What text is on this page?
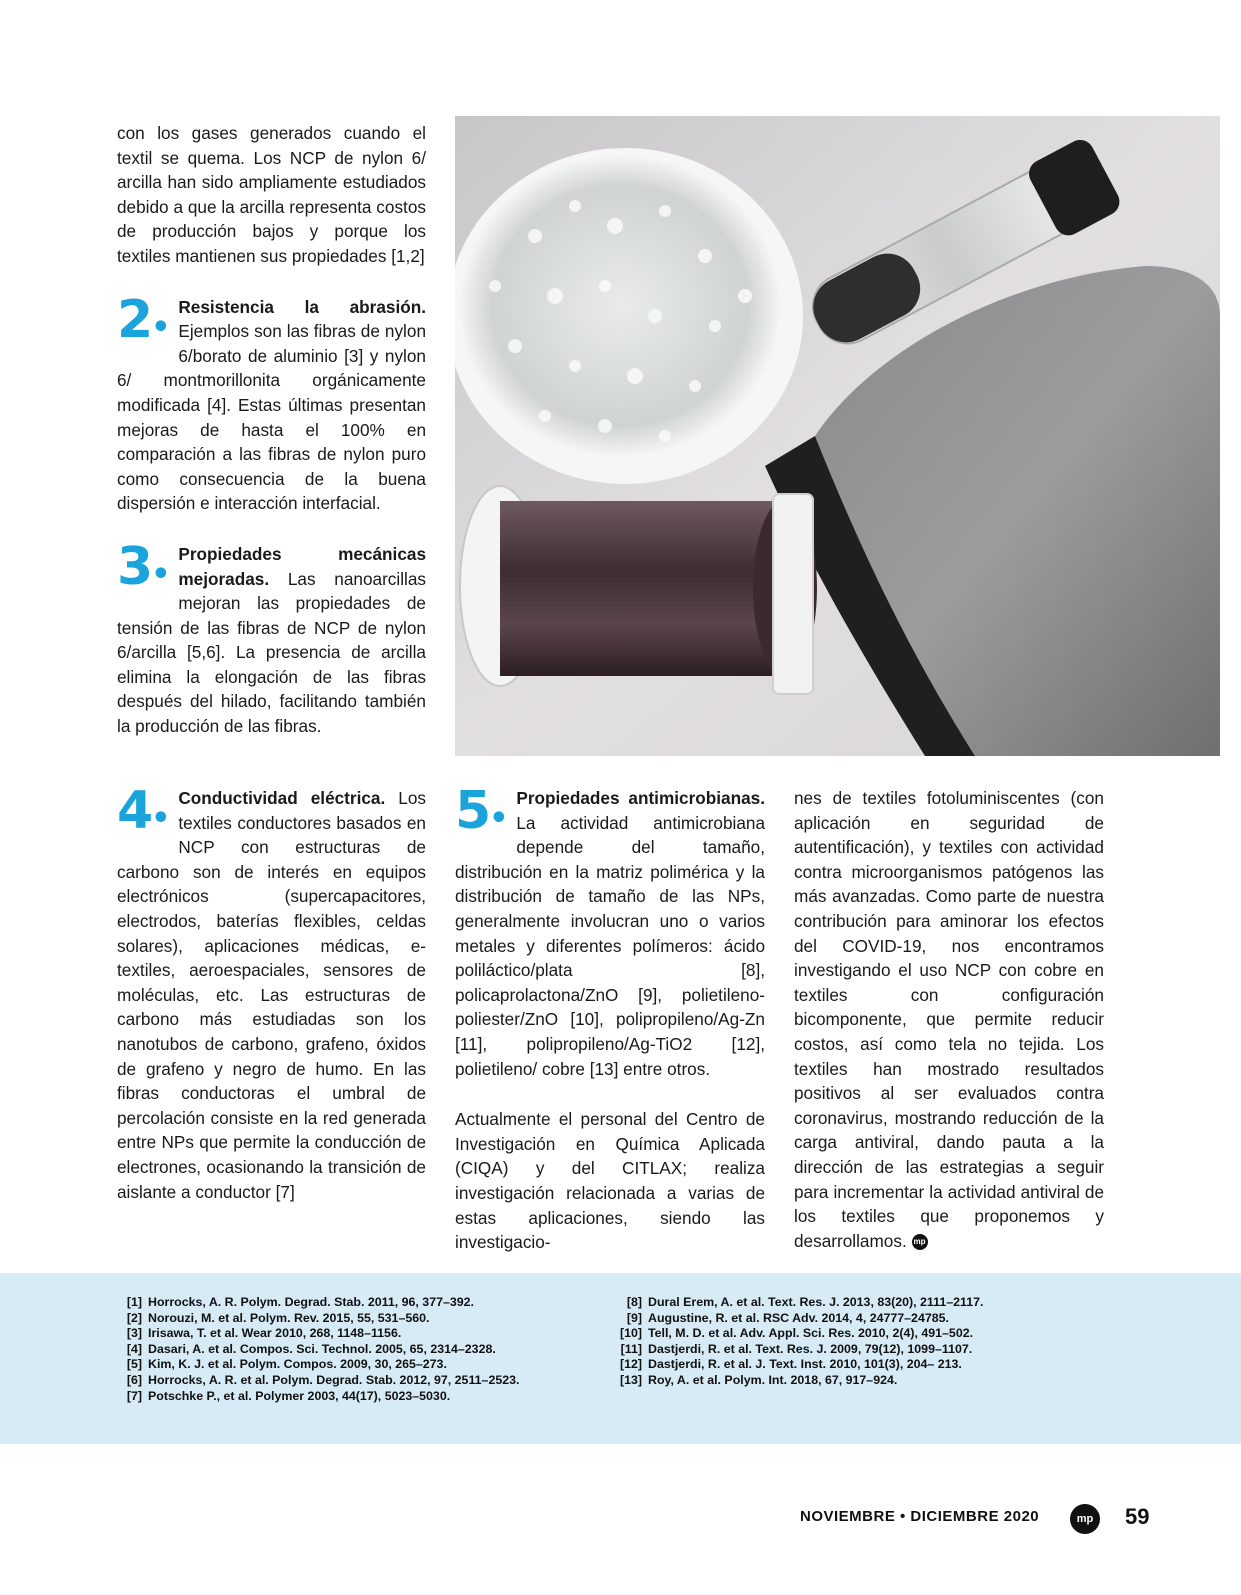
con los gases generados cuando el textil se quema. Los NCP de nylon 6/ arcilla han sido ampliamente estudiados debido a que la arcilla representa costos de producción bajos y porque los textiles mantienen sus propiedades [1,2]

2•
Resistencia la abrasión. Ejemplos son las fibras de nylon 6/borato de aluminio [3] y nylon 6/ montmorillonita orgánicamente modificada [4]. Estas últimas presentan mejoras de hasta el 100% en comparación a las fibras de nylon puro como consecuencia de la buena dispersión e interacción interfacial.

3•
Propiedades mecánicas mejoradas. Las nanoarcillas mejoran las propiedades de tensión de las fibras de NCP de nylon 6/arcilla [5,6]. La presencia de arcilla elimina la elongación de las fibras después del hilado, facilitando también la producción de las fibras.

4•
Conductividad eléctrica. Los textiles conductores basados en NCP con estructuras de carbono son de interés en equipos electrónicos (supercapacitores, electrodos, baterías flexibles, celdas solares), aplicaciones médicas, e-textiles, aeroespaciales, sensores de moléculas, etc. Las estructuras de carbono más estudiadas son los nanotubos de carbono, grafeno, óxidos de grafeno y negro de humo. En las fibras conductoras el umbral de percolación consiste en la red generada entre NPs que permite la conducción de electrones, ocasionando la transición de aislante a conductor [7]

5•
Propiedades antimicrobianas. La actividad antimicrobiana depende del tamaño, distribución en la matriz polimérica y la distribución de tamaño de las NPs, generalmente involucran uno o varios metales y diferentes polímeros: ácido poliláctico/plata [8], policaprolactona/ZnO [9], polietileno-poliester/ZnO [10], polipropileno/Ag-Zn [11], polipropileno/Ag-TiO2 [12], polietileno/ cobre [13] entre otros.

Actualmente el personal del Centro de Investigación en Química Aplicada (CIQA) y del CITLAX; realiza investigación relacionada a varias de estas aplicaciones, siendo las investigacio-

nes de textiles fotoluminiscentes (con aplicación en seguridad de autentificación), y textiles con actividad contra microorganismos patógenos las más avanzadas. Como parte de nuestra contribución para aminorar los efectos del COVID-19, nos encontramos investigando el uso NCP con cobre en textiles con configuración bicomponente, que permite reducir costos, así como tela no tejida. Los textiles han mostrado resultados positivos al ser evaluados contra coronavirus, mostrando reducción de la carga antiviral, dando pauta a la dirección de las estrategias a seguir para incrementar la actividad antiviral de los textiles que proponemos y desarrollamos. mp

[1] Horrocks, A. R. Polym. Degrad. Stab. 2011, 96, 377–392.
[2] Norouzi, M. et al. Polym. Rev. 2015, 55, 531–560.
[3] Irisawa, T. et al. Wear 2010, 268, 1148–1156.
[4] Dasari, A. et al. Compos. Sci. Technol. 2005, 65, 2314–2328.
[5] Kim, K. J. et al. Polym. Compos. 2009, 30, 265–273.
[6] Horrocks, A. R. et al. Polym. Degrad. Stab. 2012, 97, 2511–2523.
[7] Potschke P., et al. Polymer 2003, 44(17), 5023–5030.
[8] Dural Erem, A. et al. Text. Res. J. 2013, 83(20), 2111–2117.
[9] Augustine, R. et al. RSC Adv. 2014, 4, 24777–24785.
[10] Tell, M. D. et al. Adv. Appl. Sci. Res. 2010, 2(4), 491–502.
[11] Dastjerdi, R. et al. Text. Res. J. 2009, 79(12), 1099–1107.
[12] Dastjerdi, R. et al. J. Text. Inst. 2010, 101(3), 204– 213.
[13] Roy, A. et al. Polym. Int. 2018, 67, 917–924.
NOVIEMBRE • DICIEMBRE 2020	mp	59
